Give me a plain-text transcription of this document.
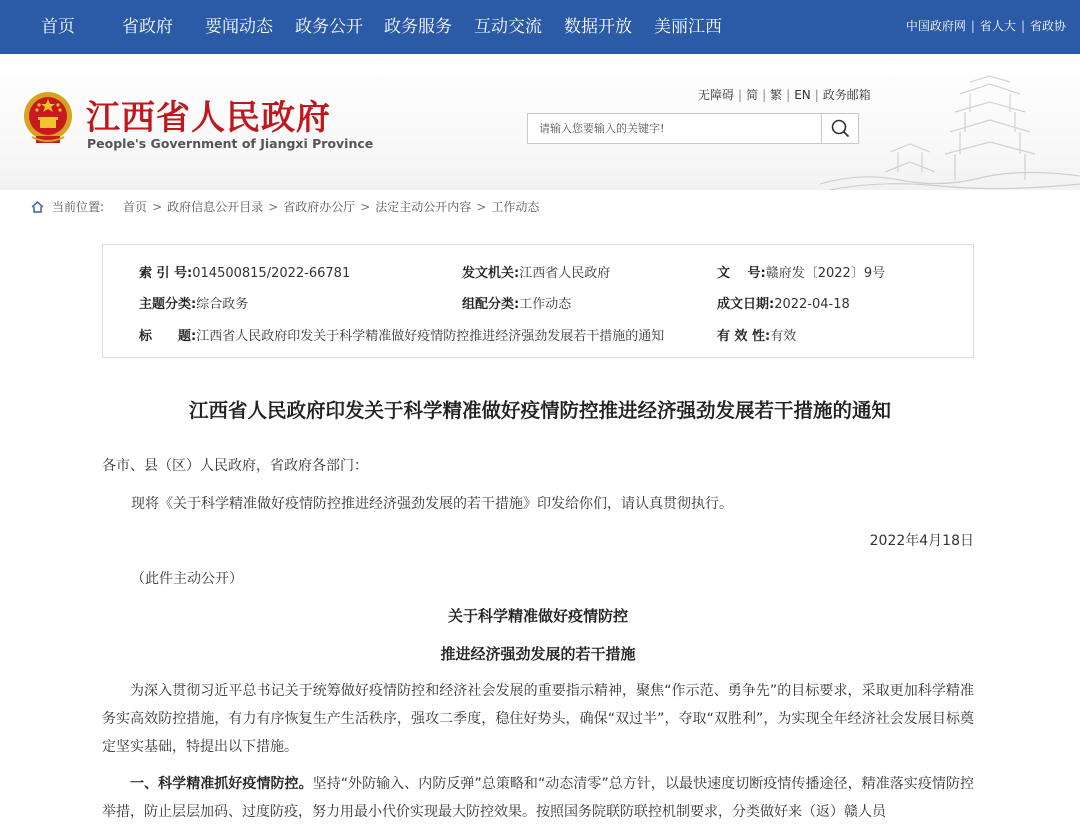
首页	省政府 要闻动态 政务公开 政务服务 互动交流 数据开放 美丽江西	中国政府网 | 省人大 | 省政协
江西省人民政府
People's Government of Jiangxi Province
无障碍 | 简 | 繁 | EN | 政务邮箱
请输入您要输入的关键字!
当前位置: 首页 > 政府信息公开目录 > 省政府办公厅 > 法定主动公开内容 > 工作动态
索 引 号:014500815/2022-66781	发文机关:江西省人民政府	文　 号:赣府发〔2022〕9号
主题分类:综合政务	组配分类:工作动态	成文日期:2022-04-18
标　　题:江西省人民政府印发关于科学精准做好疫情防控推进经济强劲发展若干措施的通知	有 效 性:有效
江西省人民政府印发关于科学精准做好疫情防控推进经济强劲发展若干措施的通知
各市、县（区）人民政府，省政府各部门：
现将《关于科学精准做好疫情防控推进经济强劲发展的若干措施》印发给你们，请认真贯彻执行。
2022年4月18日
（此件主动公开）
关于科学精准做好疫情防控
推进经济强劲发展的若干措施
为深入贯彻习近平总书记关于统筹做好疫情防控和经济社会发展的重要指示精神，聚焦“作示范、勇争先”的目标要求，采取更加科学精准务实高效防控措施，有力有序恢复生产生活秩序，强攻二季度，稳住好势头，确保“双过半”，夺取“双胜利”，为实现全年经济社会发展目标奠定坚实基础，特提出以下措施。
一、科学精准抓好疫情防控。坚持“外防输入、内防反弹”总策略和“动态清零”总方针，以最快速度切断疫情传播途径，精准落实疫情防控举措，防止层层加码、过度防疫，努力用最小代价实现最大防控效果。按照国务院联防联控机制要求，分类做好来（返）赣人员
